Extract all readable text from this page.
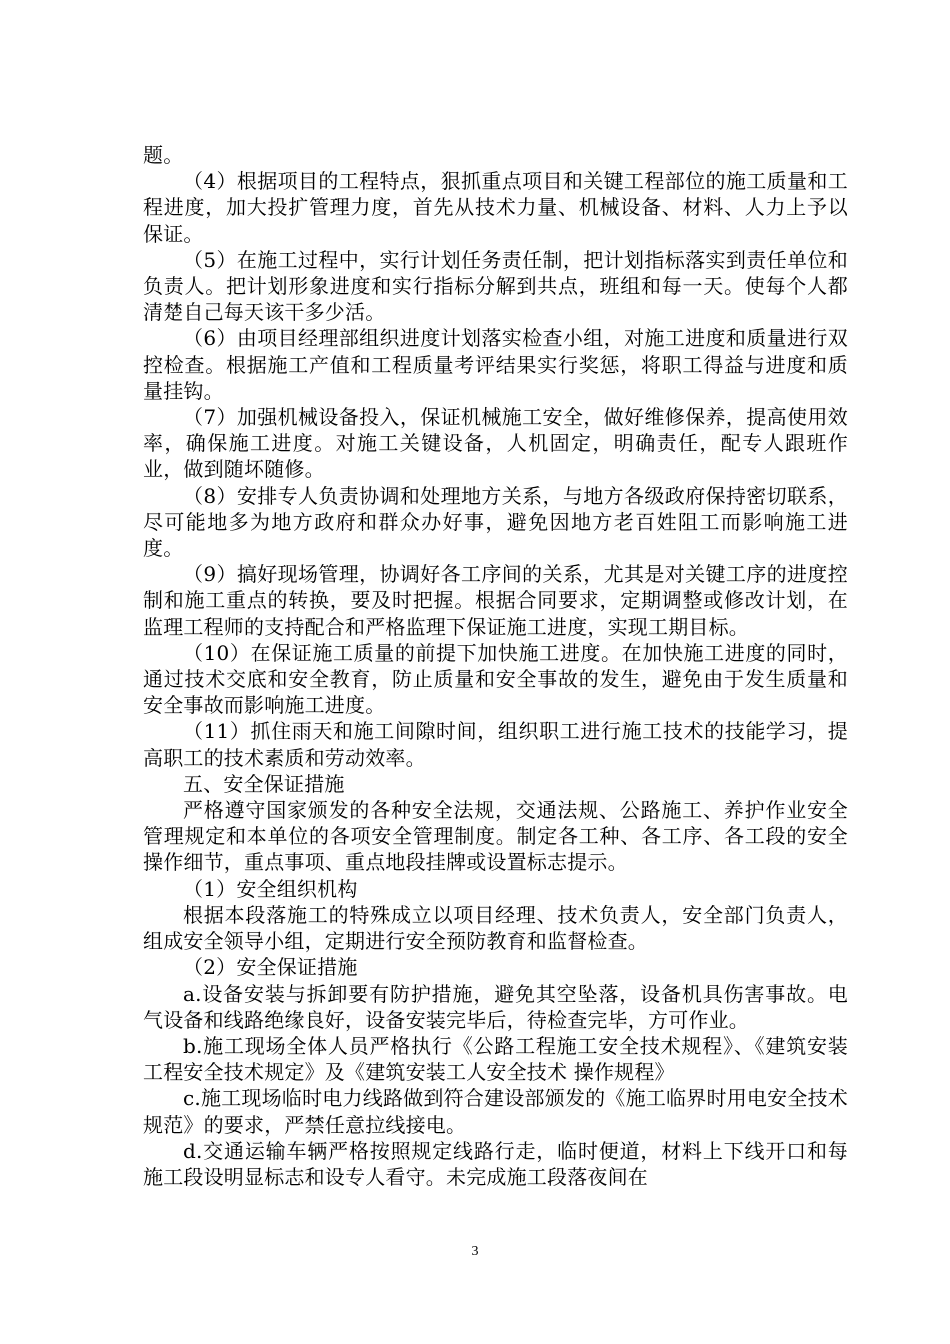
题。

（4）根据项目的工程特点，狠抓重点项目和关键工程部位的施工质量和工程进度，加大投扩管理力度，首先从技术力量、机械设备、材料、人力上予以保证。

（5）在施工过程中，实行计划任务责任制，把计划指标落实到责任单位和负责人。把计划形象进度和实行指标分解到共点，班组和每一天。使每个人都清楚自己每天该干多少活。

（6）由项目经理部组织进度计划落实检查小组，对施工进度和质量进行双控检查。根据施工产值和工程质量考评结果实行奖惩，将职工得益与进度和质量挂钩。

（7）加强机械设备投入，保证机械施工安全，做好维修保养，提高使用效率，确保施工进度。对施工关键设备，人机固定，明确责任，配专人跟班作业，做到随坏随修。

（8）安排专人负责协调和处理地方关系，与地方各级政府保持密切联系，尽可能地多为地方政府和群众办好事，避免因地方老百姓阻工而影响施工进度。

（9）搞好现场管理，协调好各工序间的关系，尤其是对关键工序的进度控制和施工重点的转换，要及时把握。根据合同要求，定期调整或修改计划，在监理工程师的支持配合和严格监理下保证施工进度，实现工期目标。

（10）在保证施工质量的前提下加快施工进度。在加快施工进度的同时，通过技术交底和安全教育，防止质量和安全事故的发生，避免由于发生质量和安全事故而影响施工进度。

（11）抓住雨天和施工间隙时间，组织职工进行施工技术的技能学习，提高职工的技术素质和劳动效率。

五、安全保证措施

严格遵守国家颁发的各种安全法规，交通法规、公路施工、养护作业安全管理规定和本单位的各项安全管理制度。制定各工种、各工序、各工段的安全操作细节，重点事项、重点地段挂牌或设置标志提示。

（1）安全组织机构

根据本段落施工的特殊成立以项目经理、技术负责人，安全部门负责人，组成安全领导小组，定期进行安全预防教育和监督检查。

（2）安全保证措施

a.设备安装与拆卸要有防护措施，避免其空坠落，设备机具伤害事故。电气设备和线路绝缘良好，设备安装完毕后，待检查完毕，方可作业。

b.施工现场全体人员严格执行《公路工程施工安全技术规程》、《建筑安装工程安全技术规定》及《建筑安装工人安全技术 操作规程》

c.施工现场临时电力线路做到符合建设部颁发的《施工临界时用电安全技术规范》的要求，严禁任意拉线接电。

d.交通运输车辆严格按照规定线路行走，临时便道，材料上下线开口和每施工段设明显标志和设专人看守。未完成施工段落夜间在

3
